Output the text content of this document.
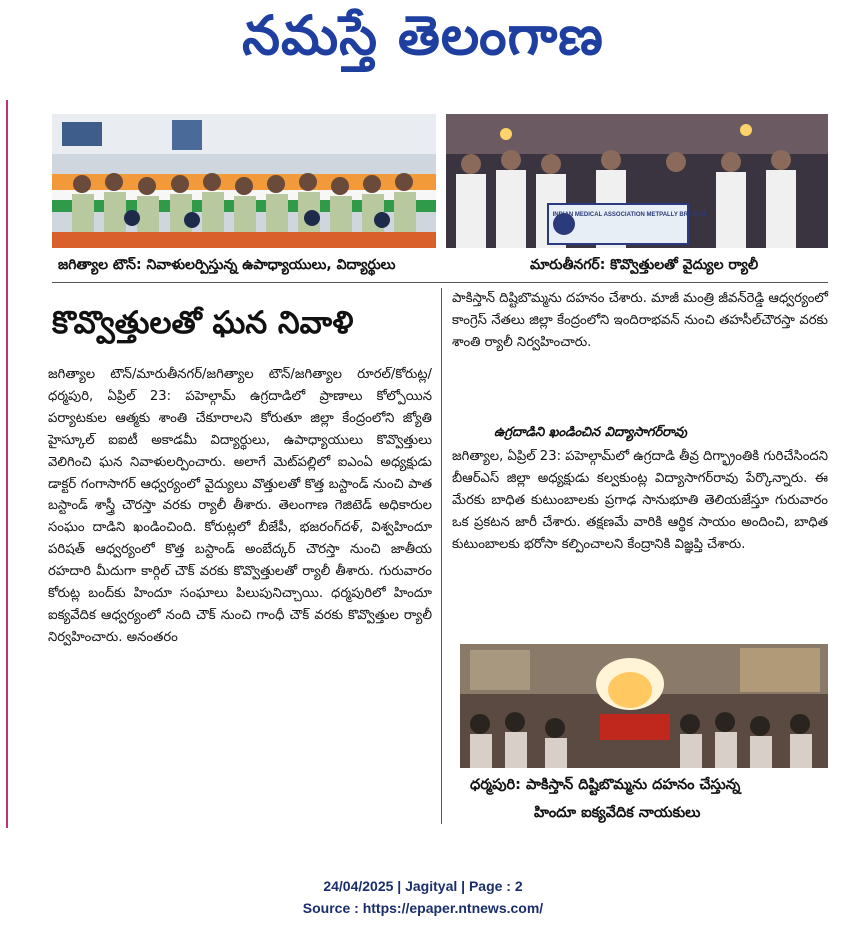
నమస్తే తెలంగాణ
INDIAN MEDICAL ASSOCIATION METPALLY BRANCH
జగిత్యాల టౌన్‌: నివాళులర్పిస్తున్న ఉపాధ్యాయులు, విద్యార్థులు	మారుతీనగర్‌: కొవ్వొత్తులతో వైద్యుల ర్యాలీ
కొవ్వొత్తులతో ఘన నివాళి
జగిత్యాల టౌన్‌/మారుతీనగర్‌/జగిత్యాల టౌన్‌/జగిత్యాల రూరల్‌/కోరుట్ల/ధర్మపురి, ఏప్రిల్‌ 23: పహెల్గామ్‌ ఉగ్రదాడిలో ప్రాణాలు కోల్పోయిన పర్యాటకుల ఆత్మకు శాంతి చేకూరాలని కోరుతూ జిల్లా కేంద్రంలోని జ్యోతి హైస్కూల్‌ ఐఐటీ అకాడమీ విద్యార్థులు, ఉపాధ్యాయులు కొవ్వొత్తులు వెలిగించి ఘన నివాళులర్పించారు. అలాగే మెట్‌పల్లిలో ఐఎంఏ అధ్యక్షుడు డాక్టర్‌ గంగాసాగర్‌ ఆధ్వర్యంలో వైద్యులు వొత్తులతో కొత్త బస్టాండ్‌ నుంచి పాత బస్టాండ్‌ శాస్త్రీ చౌరస్తా వరకు ర్యాలీ తీశారు. తెలంగాణ గెజిటెడ్‌ అధికారుల సంఘం దాడిని ఖండించింది. కోరుట్లలో బీజేపీ, భజరంగ్‌దళ్‌, విశ్వహిందూ పరిషత్‌ ఆధ్వర్యంలో కొత్త బస్టాండ్‌ అంబేద్కర్‌ చౌరస్తా నుంచి జాతీయ రహదారి మీదుగా కార్గిల్‌ చౌక్‌ వరకు కొవ్వొత్తులతో ర్యాలీ తీశారు. గురువారం కోరుట్ల బంద్‌కు హిందూ సంఘాలు పిలుపునిచ్చాయి. ధర్మపురిలో హిందూ ఐక్యవేదిక ఆధ్వర్యంలో నంది చౌక్‌ నుంచి గాంధీ చౌక్‌ వరకు కొవ్వొత్తుల ర్యాలీ నిర్వహించారు. అనంతరం
పాకిస్తాన్‌ దిష్టిబొమ్మను దహనం చేశారు. మాజీ మంత్రి జీవన్‌రెడ్డి ఆధ్వర్యంలో కాంగ్రెస్‌ నేతలు జిల్లా కేంద్రంలోని ఇందిరాభవన్‌ నుంచి తహసీల్‌చౌరస్తా వరకు శాంతి ర్యాలీ నిర్వహించారు.
ఉగ్రదాడిని ఖండించిన విద్యాసాగర్‌రావు
జగిత్యాల, ఏప్రిల్‌ 23: పహెల్గామ్‌లో ఉగ్రదాడి తీవ్ర దిగ్భ్రాంతికి గురిచేసిందని బీఆర్‌ఎస్‌ జిల్లా అధ్యక్షుడు కల్వకుంట్ల విద్యాసాగర్‌రావు పేర్కొన్నారు. ఈ మేరకు బాధిత కుటుంబాలకు ప్రగాఢ సానుభూతి తెలియజేస్తూ గురువారం ఒక ప్రకటన జారీ చేశారు. తక్షణమే వారికి ఆర్థిక సాయం అందించి, బాధిత కుటుంబాలకు భరోసా కల్పించాలని కేంద్రానికి విజ్ఞప్తి చేశారు.
ధర్మపురి: పాకిస్తాన్‌ దిష్టిబొమ్మను దహనం చేస్తున్న
హిందూ ఐక్యవేదిక నాయకులు
24/04/2025 | Jagityal | Page : 2
Source : https://epaper.ntnews.com/
